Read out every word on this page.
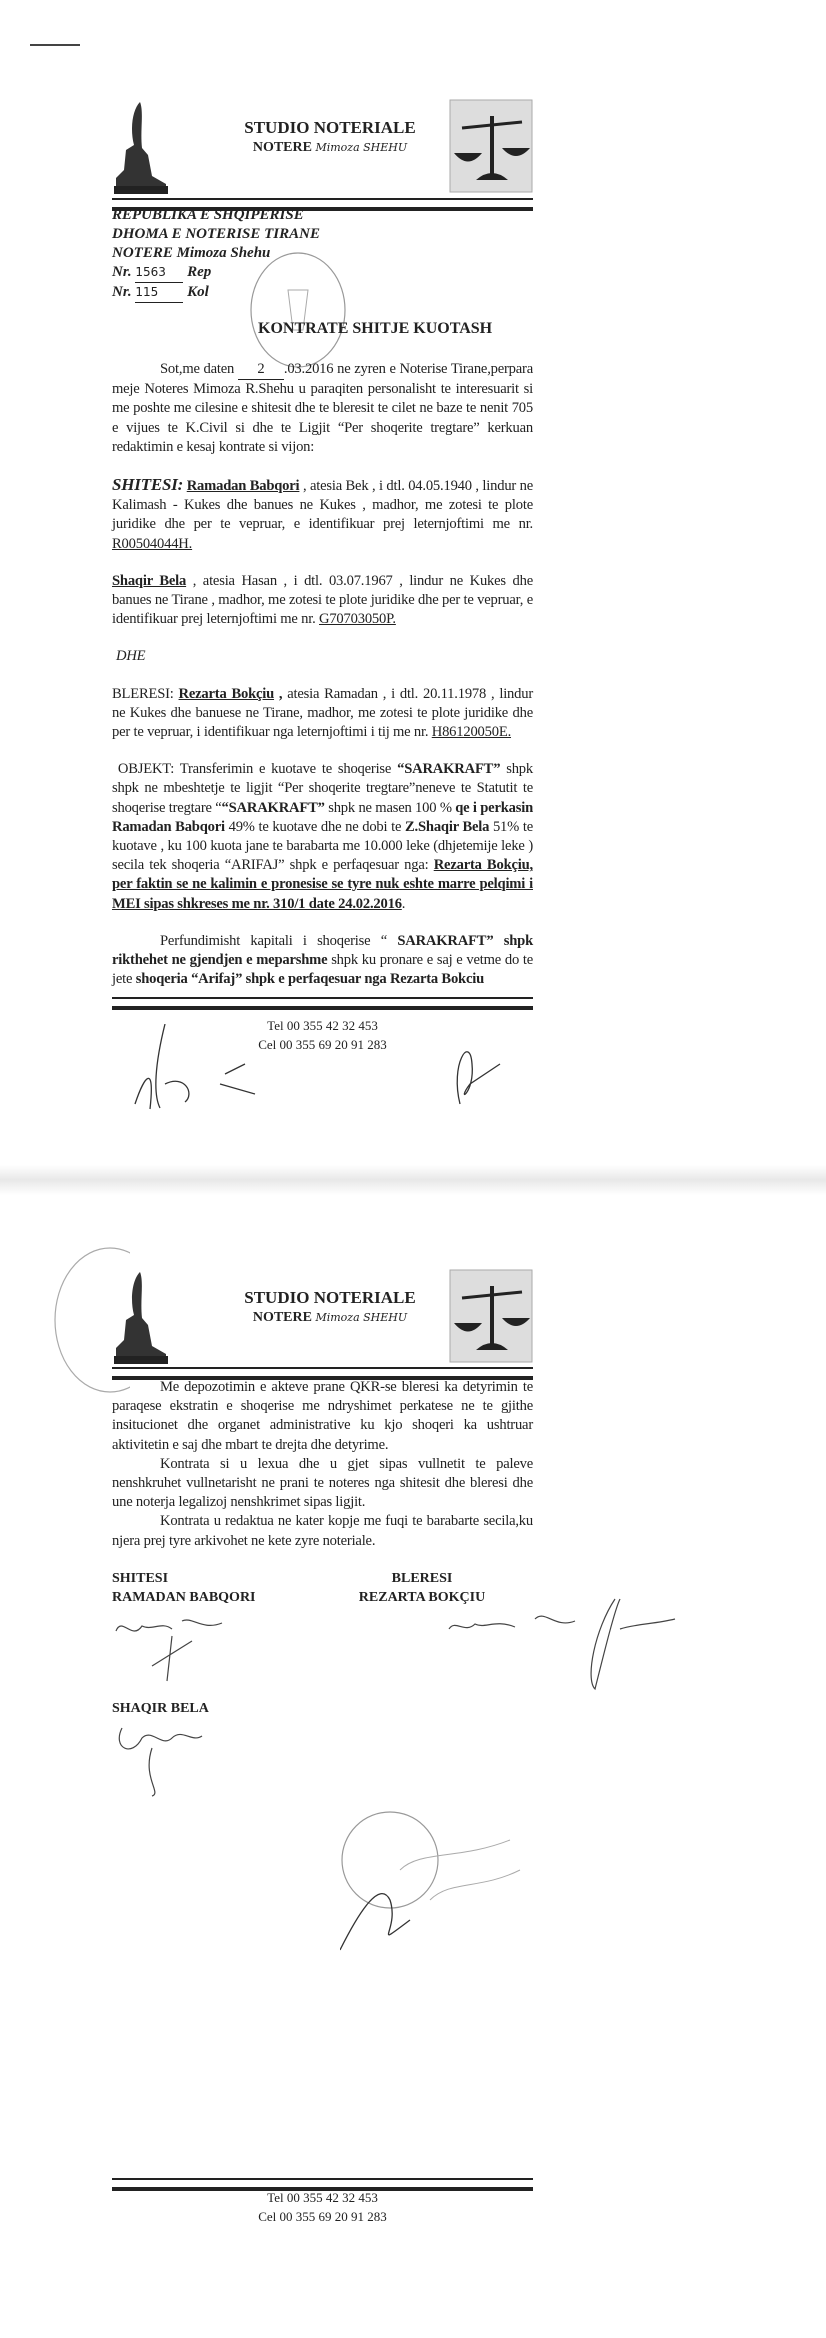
STUDIO NOTERIALE
NOTERE Mimoza SHEHU
REPUBLIKA E SHQIPERISE
DHOMA E NOTERISE TIRANE
NOTERE Mimoza Shehu
Nr. 1563 Rep
Nr. 115 Kol
KONTRATE SHITJE KUOTASH
Sot,me daten 2 .03.2016 ne zyren e Noterise Tirane,perpara meje Noteres Mimoza R.Shehu u paraqiten personalisht te interesuarit si me poshte me cilesine e shitesit dhe te bleresit te cilet ne baze te nenit 705 e vijues te K.Civil si dhe te Ligjit “Per shoqerite tregtare” kerkuan redaktimin e kesaj kontrate si vijon:
SHITESI: Ramadan Babqori , atesia Bek , i dtl. 04.05.1940 , lindur ne Kalimash - Kukes dhe banues ne Kukes , madhor, me zotesi te plote juridike dhe per te vepruar, e identifikuar prej leternjoftimi me nr. R00504044H.
Shaqir Bela , atesia Hasan , i dtl. 03.07.1967 , lindur ne Kukes dhe banues ne Tirane , madhor, me zotesi te plote juridike dhe per te vepruar, e identifikuar prej leternjoftimi me nr. G70703050P.
DHE
BLERESI: Rezarta Bokçiu , atesia Ramadan , i dtl. 20.11.1978 , lindur ne Kukes dhe banuese ne Tirane, madhor, me zotesi te plote juridike dhe per te vepruar, i identifikuar nga leternjoftimi i tij me nr. H86120050E.
OBJEKT: Transferimin e kuotave te shoqerise “SARAKRAFT” shpk shpk ne mbeshtetje te ligjit “Per shoqerite tregtare”neneve te Statutit te shoqerise tregtare ““SARAKRAFT” shpk ne masen 100 % qe i perkasin Ramadan Babqori 49% te kuotave dhe ne dobi te Z.Shaqir Bela 51% te kuotave , ku 100 kuota jane te barabarta me 10.000 leke (dhjetemije leke ) secila tek shoqeria “ARIFAJ” shpk e perfaqesuar nga: Rezarta Bokçiu, per faktin se ne kalimin e pronesise se tyre nuk eshte marre pelqimi i MEI sipas shkreses me nr. 310/1 date 24.02.2016.
Perfundimisht kapitali i shoqerise “ SARAKRAFT” shpk rikthehet ne gjendjen e meparshme shpk ku pronare e saj e vetme do te jete shoqeria “Arifaj” shpk e perfaqesuar nga Rezarta Bokciu
Tel 00 355 42 32 453
Cel 00 355 69 20 91 283
STUDIO NOTERIALE
NOTERE Mimoza SHEHU
Me depozotimin e akteve prane QKR-se bleresi ka detyrimin te paraqese ekstratin e shoqerise me ndryshimet perkatese ne te gjithe insitucionet dhe organet administrative ku kjo shoqeri ka ushtruar aktivitetin e saj dhe mbart te drejta dhe detyrime.
Kontrata si u lexua dhe u gjet sipas vullnetit te paleve nenshkruhet vullnetarisht ne prani te noteres nga shitesit dhe bleresi dhe une noterja legalizoj nenshkrimet sipas ligjit.
Kontrata u redaktua ne kater kopje me fuqi te barabarte secila,ku njera prej tyre arkivohet ne kete zyre noteriale.
SHITESI
RAMADAN BABQORI
BLERESI
REZARTA BOKÇIU
SHAQIR BELA
Tel 00 355 42 32 453
Cel 00 355 69 20 91 283
